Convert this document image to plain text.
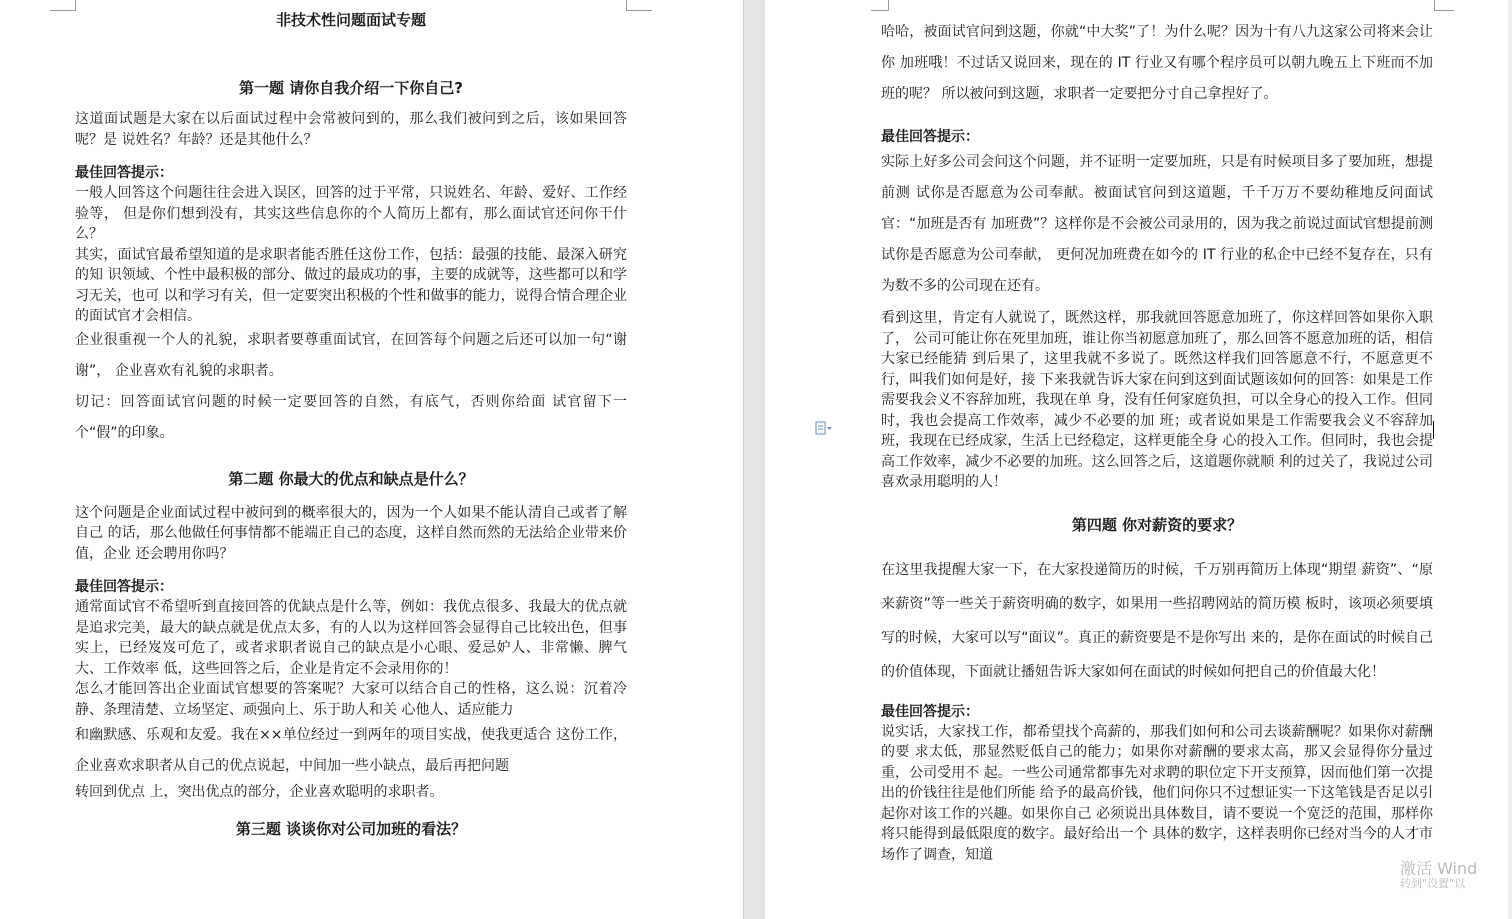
非技术性问题面试专题
第一题 请你自我介绍一下你自己?

这道面试题是大家在以后面试过程中会常被问到的，那么我们被问到之后，该如果回答呢？是 说姓名？年龄？还是其他什么？

最佳回答提示：

一般人回答这个问题往往会进入误区，回答的过于平常，只说姓名、年龄、爱好、工作经验等， 但是你们想到没有，其实这些信息你的个人简历上都有，那么面试官还问你干什么？

其实，面试官最希望知道的是求职者能否胜任这份工作，包括：最强的技能、最深入研究的知 识领域、个性中最积极的部分、做过的最成功的事，主要的成就等，这些都可以和学习无关，也可 以和学习有关，但一定要突出积极的个性和做事的能力，说得合情合理企业的面试官才会相信。

企业很重视一个人的礼貌，求职者要尊重面试官，在回答每个问题之后还可以加一句“谢谢”， 企业喜欢有礼貌的求职者。

切记：回答面试官问题的时候一定要回答的自然，有底气，否则你给面 试官留下一个“假”的印象。

第二题 你最大的优点和缺点是什么？

这个问题是企业面试过程中被问到的概率很大的，因为一个人如果不能认清自己或者了解自己 的话，那么他做任何事情都不能端正自己的态度，这样自然而然的无法给企业带来价值，企业 还会聘用你吗？

最佳回答提示：

通常面试官不希望听到直接回答的优缺点是什么等，例如：我优点很多、我最大的优点就 是追求完美，最大的缺点就是优点太多，有的人以为这样回答会显得自己比较出色，但事实上，已经岌岌可危了，或者求职者说自己的缺点是小心眼、爱忌妒人、非常懒、脾气大、工作效率 低，这些回答之后，企业是肯定不会录用你的！

怎么才能回答出企业面试官想要的答案呢？大家可以结合自己的性格，这么说：沉着冷静、条理清楚、立场坚定、顽强向上、乐于助人和关 心他人、适应能力

和幽默感、乐观和友爱。我在××单位经过一到两年的项目实战，使我更适合 这份工作，企业喜欢求职者从自己的优点说起，中间加一些小缺点，最后再把问题

转回到优点 上，突出优点的部分，企业喜欢聪明的求职者。

第三题 谈谈你对公司加班的看法？

哈哈，被面试官问到这题，你就“中大奖”了！为什么呢？因为十有八九这家公司将来会让你 加班哦！不过话又说回来，现在的 IT 行业又有哪个程序员可以朝九晚五上下班而不加班的呢？ 所以被问到这题，求职者一定要把分寸自己拿捏好了。

最佳回答提示：

实际上好多公司会问这个问题，并不证明一定要加班，只是有时候项目多了要加班，想提前测 试你是否愿意为公司奉献。被面试官问到这道题，千千万万不要幼稚地反问面试官：“加班是否有 加班费”？这样你是不会被公司录用的，因为我之前说过面试官想提前测试你是否愿意为公司奉献， 更何况加班费在如今的 IT 行业的私企中已经不复存在，只有为数不多的公司现在还有。

看到这里，肯定有人就说了，既然这样，那我就回答愿意加班了，你这样回答如果你入职了， 公司可能让你在死里加班，谁让你当初愿意加班了，那么回答不愿意加班的话，相信大家已经能猜 到后果了，这里我就不多说了。既然这样我们回答愿意不行，不愿意更不行，叫我们如何是好，接 下来我就告诉大家在问到这到面试题该如何的回答：如果是工作需要我会义不容辞加班，我现在单 身，没有任何家庭负担，可以全身心的投入工作。但同时，我也会提高工作效率，减少不必要的加 班；或者说如果是工作需要我会义不容辞加班，我现在已经成家，生活上已经稳定，这样更能全身 心的投入工作。但同时，我也会提高工作效率，减少不必要的加班。这么回答之后，这道题你就顺 利的过关了，我说过公司喜欢录用聪明的人！

第四题 你对薪资的要求？

在这里我提醒大家一下，在大家投递简历的时候，千万别再简历上体现“期望 薪资”、“原来薪资”等一些关于薪资明确的数字，如果用一些招聘网站的简历模 板时，该项必须要填写的时候，大家可以写“面议”。真正的薪资要是不是你写出 来的，是你在面试的时候自己的价值体现，下面就让播妞告诉大家如何在面试的时候如何把自己的价值最大化！

最佳回答提示：

说实话，大家找工作，都希望找个高薪的，那我们如何和公司去谈薪酬呢？如果你对薪酬的要 求太低，那显然贬低自己的能力；如果你对薪酬的要求太高，那又会显得你分量过重，公司受用不 起。一些公司通常都事先对求聘的职位定下开支预算，因而他们第一次提出的价钱往往是他们所能 给予的最高价钱，他们问你只不过想证实一下这笔钱是否足以引起你对该工作的兴趣。如果你自己 必须说出具体数目，请不要说一个宽泛的范围，那样你将只能得到最低限度的数字。最好给出一个 具体的数字，这样表明你已经对当今的人才市场作了调查，知道

激活 Wind
转到"设置"以
